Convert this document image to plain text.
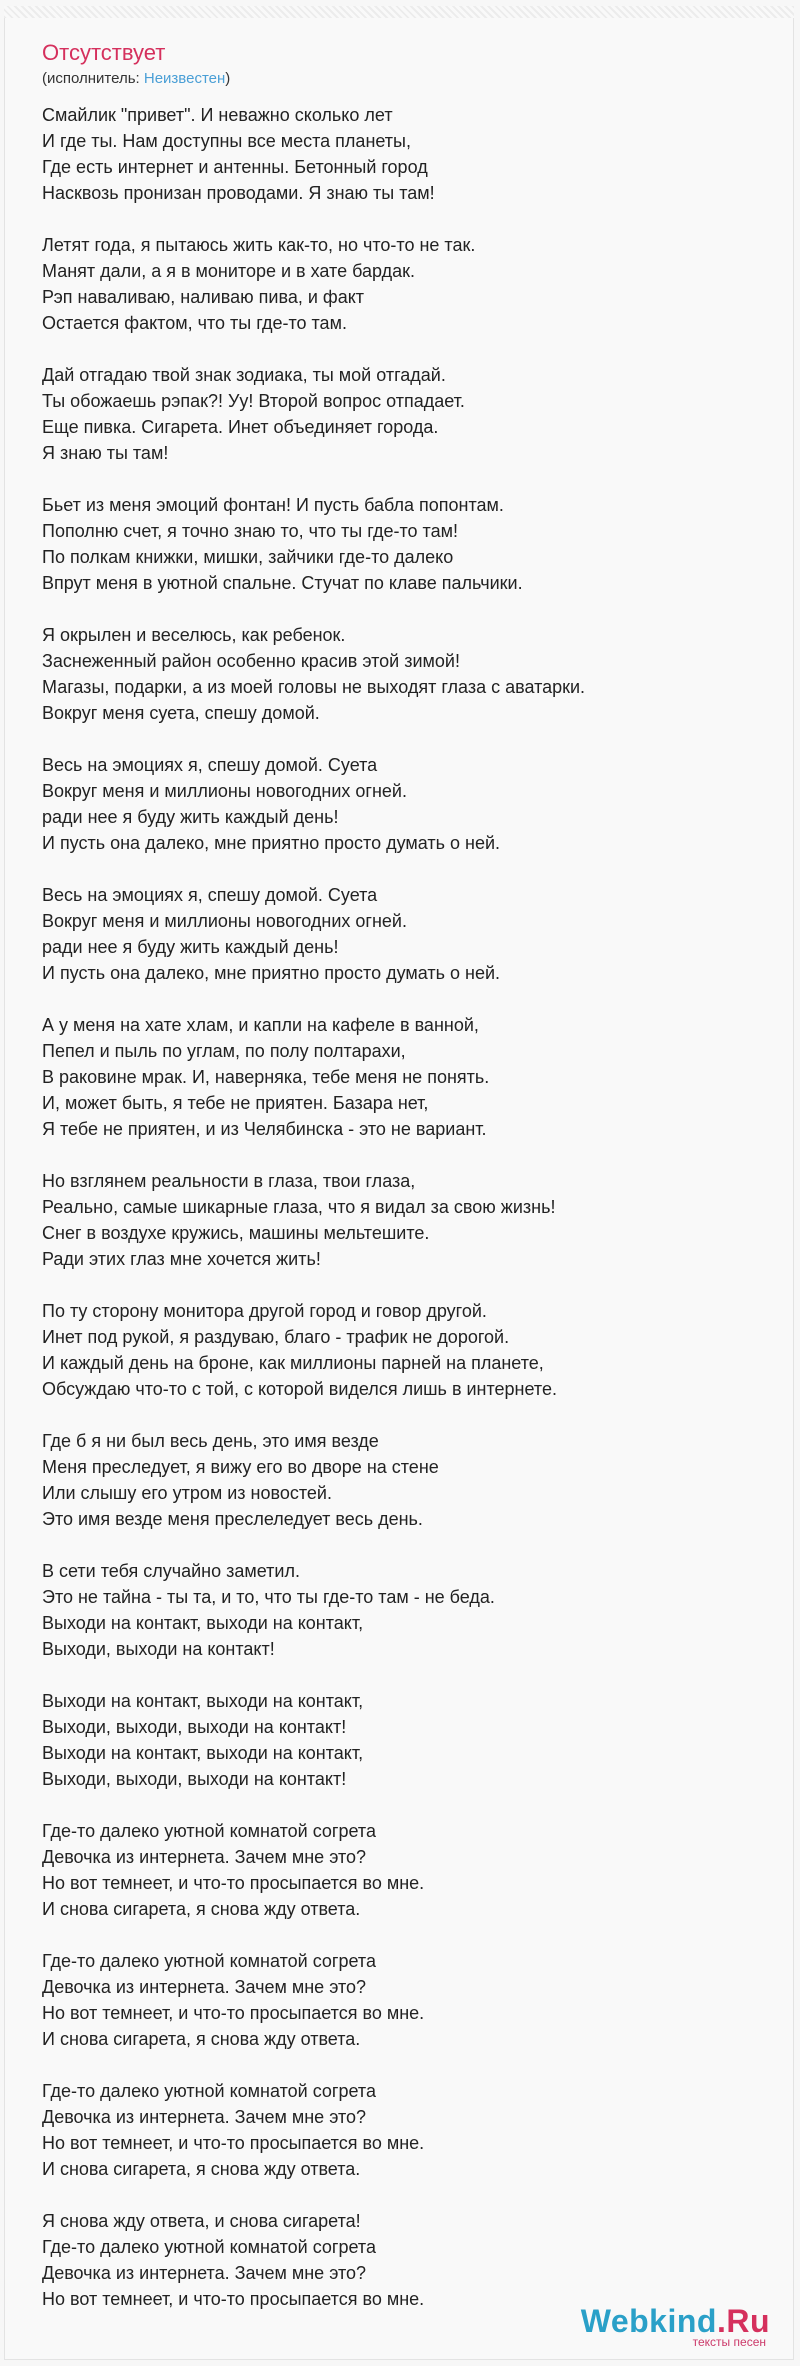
Отсутствует
(исполнитель: Неизвестен)
Смайлик "привет". И неважно сколько лет
И где ты. Нам доступны все места планеты,
Где есть интернет и антенны. Бетонный город
Насквозь пронизан проводами. Я знаю ты там!
Летят года, я пытаюсь жить как-то, но что-то не так.
Манят дали, а я в мониторе и в хате бардак.
Рэп наваливаю, наливаю пива, и факт
Остается фактом, что ты где-то там.
Дай отгадаю твой знак зодиака, ты мой отгадай.
Ты обожаешь рэпак?! Уу! Второй вопрос отпадает.
Еще пивка. Сигарета. Инет объединяет города.
Я знаю ты там!
Бьет из меня эмоций фонтан! И пусть бабла попонтам.
Пополню счет, я точно знаю то, что ты где-то там!
По полкам книжки, мишки, зайчики где-то далеко
Впрут меня в уютной спальне. Стучат по клаве пальчики.
Я окрылен и веселюсь, как ребенок.
Заснеженный район особенно красив этой зимой!
Магазы, подарки, а из моей головы не выходят глаза с аватарки.
Вокруг меня суета, спешу домой.
Весь на эмоциях я, спешу домой. Суета
Вокруг меня и миллионы новогодних огней.
ради нее я буду жить каждый день!
И пусть она далеко, мне приятно просто думать о ней.
Весь на эмоциях я, спешу домой. Суета
Вокруг меня и миллионы новогодних огней.
ради нее я буду жить каждый день!
И пусть она далеко, мне приятно просто думать о ней.
А у меня на хате хлам, и капли на кафеле в ванной,
Пепел и пыль по углам, по полу полтарахи,
В раковине мрак. И, наверняка, тебе меня не понять.
И, может быть, я тебе не приятен. Базара нет,
Я тебе не приятен, и из Челябинска - это не вариант.
Но взглянем реальности в глаза, твои глаза,
Реально, самые шикарные глаза, что я видал за свою жизнь!
Снег в воздухе кружись, машины мельтешите.
Ради этих глаз мне хочется жить!
По ту сторону монитора другой город и говор другой.
Инет под рукой, я раздуваю, благо - трафик не дорогой.
И каждый день на броне, как миллионы парней на планете,
Обсуждаю что-то с той, с которой виделся лишь в интернете.
Где б я ни был весь день, это имя везде
Меня преследует, я вижу его во дворе на стене
Или слышу его утром из новостей.
Это имя везде меня преслеледует весь день.
В сети тебя случайно заметил.
Это не тайна - ты та, и то, что ты где-то там - не беда.
Выходи на контакт, выходи на контакт,
Выходи, выходи на контакт!
Выходи на контакт, выходи на контакт,
Выходи, выходи, выходи на контакт!
Выходи на контакт, выходи на контакт,
Выходи, выходи, выходи на контакт!
Где-то далеко уютной комнатой согрета
Девочка из интернета. Зачем мне это?
Но вот темнеет, и что-то просыпается во мне.
И снова сигарета, я снова жду ответа.
Где-то далеко уютной комнатой согрета
Девочка из интернета. Зачем мне это?
Но вот темнеет, и что-то просыпается во мне.
И снова сигарета, я снова жду ответа.
Где-то далеко уютной комнатой согрета
Девочка из интернета. Зачем мне это?
Но вот темнеет, и что-то просыпается во мне.
И снова сигарета, я снова жду ответа.
Я снова жду ответа, и снова сигарета!
Где-то далеко уютной комнатой согрета
Девочка из интернета. Зачем мне это?
Но вот темнеет, и что-то просыпается во мне.
Webkind.Ru
тексты песен
